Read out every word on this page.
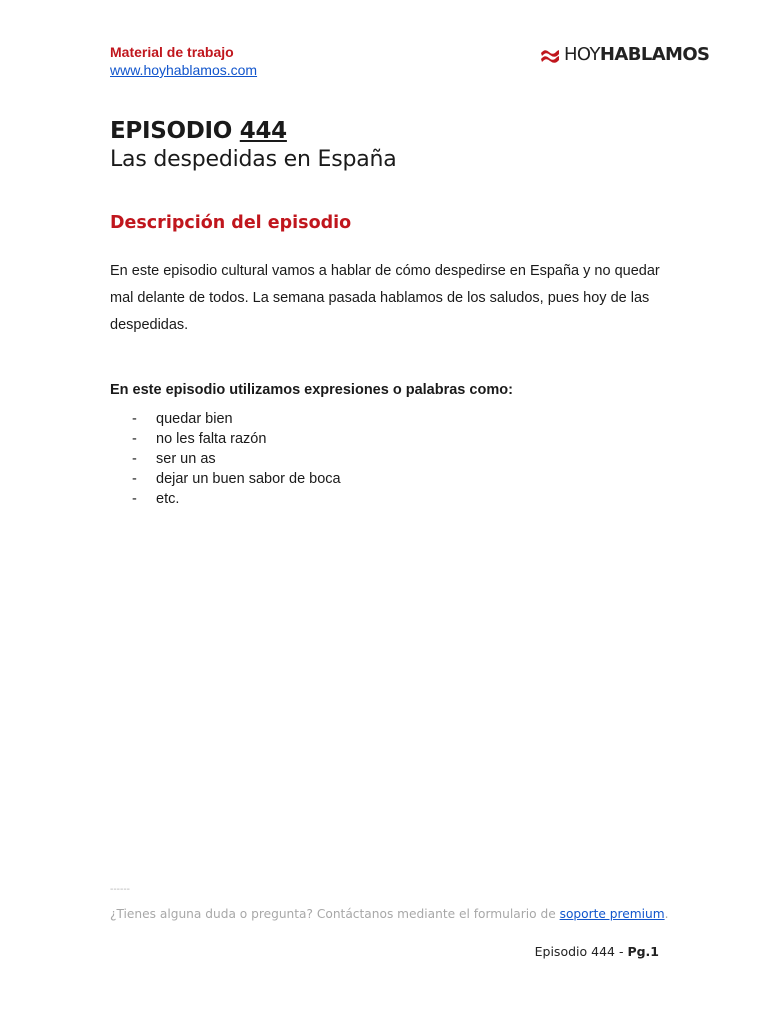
Material de trabajo
www.hoyhablamos.com
HOYHABLAMOS
EPISODIO 444
Las despedidas en España
Descripción del episodio

En este episodio cultural vamos a hablar de cómo despedirse en España y no quedar mal delante de todos. La semana pasada hablamos de los saludos, pues hoy de las despedidas.

En este episodio utilizamos expresiones o palabras como:
-	quedar bien
-	no les falta razón
-	ser un as
-	dejar un buen sabor de boca
-	etc.
------
¿Tienes alguna duda o pregunta? Contáctanos mediante el formulario de soporte premium.
Episodio 444 - Pg.1
